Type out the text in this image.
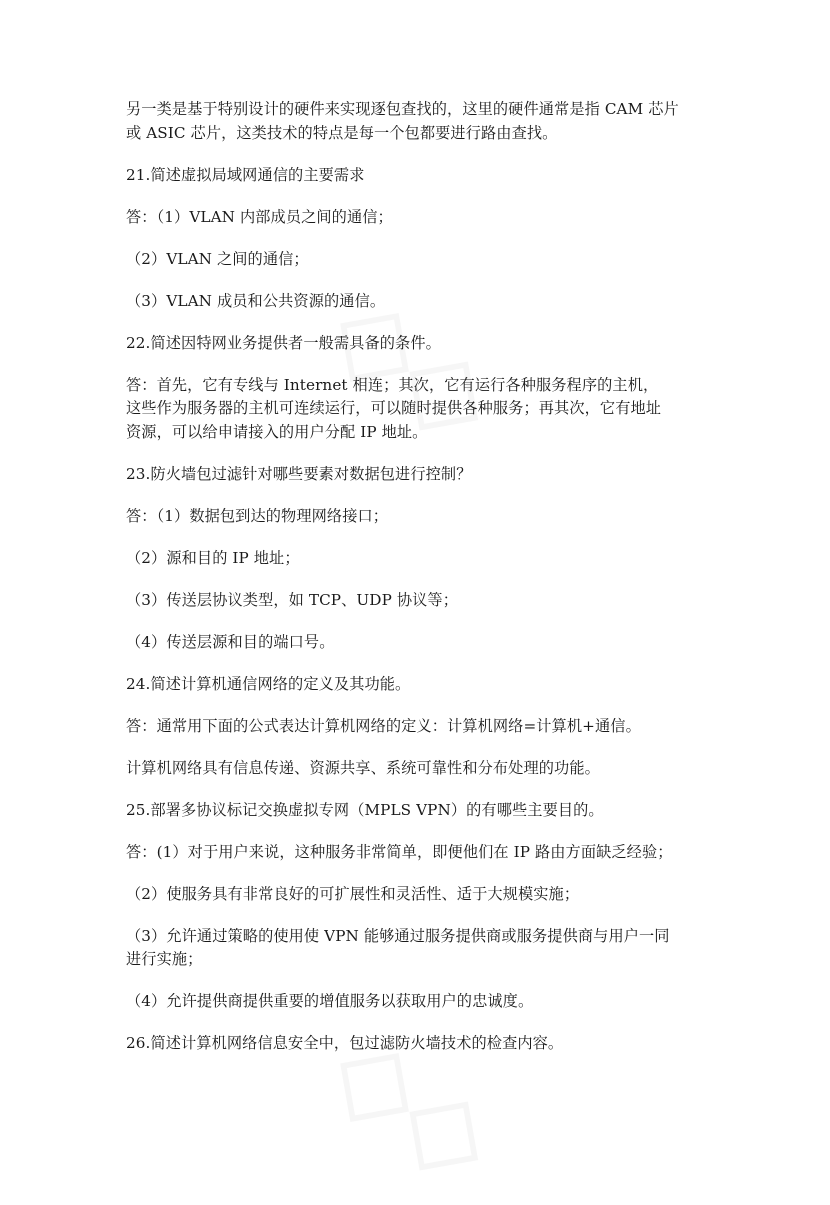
另一类是基于特别设计的硬件来实现逐包查找的，这里的硬件通常是指 CAM 芯片
或 ASIC 芯片，这类技术的特点是每一个包都要进行路由查找。

21.简述虚拟局域网通信的主要需求

答：（1）VLAN 内部成员之间的通信；

（2）VLAN 之间的通信；

（3）VLAN 成员和公共资源的通信。

22.简述因特网业务提供者一般需具备的条件。

答：首先，它有专线与 Internet 相连；其次，它有运行各种服务程序的主机，
这些作为服务器的主机可连续运行，可以随时提供各种服务；再其次，它有地址
资源，可以给申请接入的用户分配 IP 地址。

23.防火墙包过滤针对哪些要素对数据包进行控制？

答：（1）数据包到达的物理网络接口；

（2）源和目的 IP 地址；

（3）传送层协议类型，如 TCP、UDP 协议等；

（4）传送层源和目的端口号。

24.简述计算机通信网络的定义及其功能。

答：通常用下面的公式表达计算机网络的定义：计算机网络=计算机+通信。

计算机网络具有信息传递、资源共享、系统可靠性和分布处理的功能。

25.部署多协议标记交换虚拟专网（MPLS VPN）的有哪些主要目的。

答：(1）对于用户来说，这种服务非常简单，即便他们在 IP 路由方面缺乏经验；

（2）使服务具有非常良好的可扩展性和灵活性、适于大规模实施；

（3）允许通过策略的使用使 VPN 能够通过服务提供商或服务提供商与用户一同
进行实施；

（4）允许提供商提供重要的增值服务以获取用户的忠诚度。

26.简述计算机网络信息安全中，包过滤防火墙技术的检查内容。
